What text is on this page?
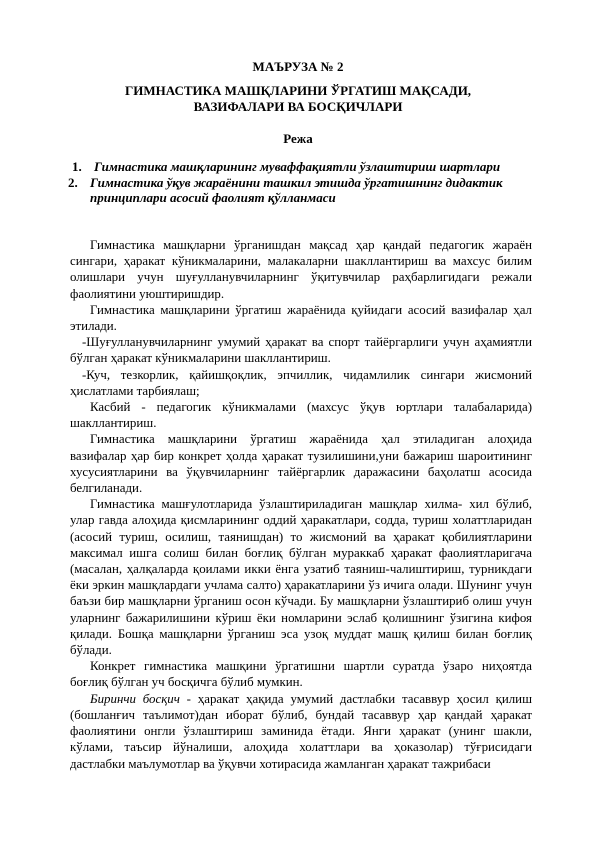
МАЪРУЗА № 2
ГИМНАСТИКА МАШҚЛАРИНИ ЎРГАТИШ МАҚСАДИ,
ВАЗИФАЛАРИ ВА БОСҚИЧЛАРИ
Режа
1. Гимнастика машқларининг муваффақиятли ўзлаштириш шартлари
2. Гимнастика ўқув жараёнини ташкил этишда ўргатишнинг дидактик принциплари асосий фаолият қўлланмаси

Гимнастика машқларни ўрганишдан мақсад ҳар қандай педагогик жараён сингари, ҳаракат кўникмаларини, малакаларни шакллантириш ва махсус билим олишлари учун шуғулланувчиларнинг ўқитувчилар раҳбарлигидаги режали фаолиятини уюштиришдир.

Гимнастика машқларини ўргатиш жараёнида қуйидаги асосий вазифалар ҳал этилади.

-Шуғулланувчиларнинг умумий ҳаракат ва спорт тайёргарлиги учун аҳамиятли бўлган ҳаракат кўникмаларини шакллантириш.

-Куч, тезкорлик, қайишқоқлик, эпчиллик, чидамлилик сингари жисмоний ҳислатлами тарбиялаш;

Касбий - педагогик кўникмалами (махсус ўқув юртлари талабаларида) шакллантириш.

Гимнастика машқларини ўргатиш жараёнида ҳал этиладиган алоҳида вазифалар ҳар бир конкрет ҳолда ҳаракат тузилишини,уни бажариш шароитининг хусусиятларини ва ўқувчиларнинг тайёргарлик даражасини баҳолатш асосида белгиланади.

Гимнастика машғулотларида ўзлаштириладиган машқлар хилма- хил бўлиб, улар гавда алоҳида қисмларининг оддий ҳаракатлари, содда, туриш холаттларидан (асосий туриш, осилиш, таянишдан) то жисмоний ва ҳаракат қобилиятларини максимал ишга солиш билан боғлиқ бўлган мураккаб ҳаракат фаолиятларигача (масалан, ҳалқаларда қоилами икки ёнга узатиб таяниш-чалиштириш, турникдаги ёки эркин машқлардаги учлама салто) ҳаракатларини ўз ичига олади. Шунинг учун баъзи бир машқларни ўрганиш осон кўчади. Бу машқларни ўзлаштириб олиш учун уларнинг бажарилишини кўриш ёки номларини эслаб қолишнинг ўзигина кифоя қилади. Бошқа машқларни ўрганиш эса узоқ муддат машқ қилиш билан боғлиқ бўлади.

Конкрет гимнастика машқини ўргатишни шартли суратда ўзаро ниҳоятда боғлиқ бўлган уч босқичга бўлиб мумкин.

Биринчи босқич - ҳаракат ҳақида умумий дастлабки тасаввур ҳосил қилиш (бошланғич таълимот)дан иборат бўлиб, бундай тасаввур ҳар қандай ҳаракат фаолиятини онгли ўзлаштириш заминида ётади. Янги ҳаракат (унинг шакли, кўлами, таъсир йўналиши, алоҳида холаттлари ва ҳоказолар) тўғрисидаги дастлабки маълумотлар ва ўқувчи хотирасида жамланган ҳаракат тажрибаси
